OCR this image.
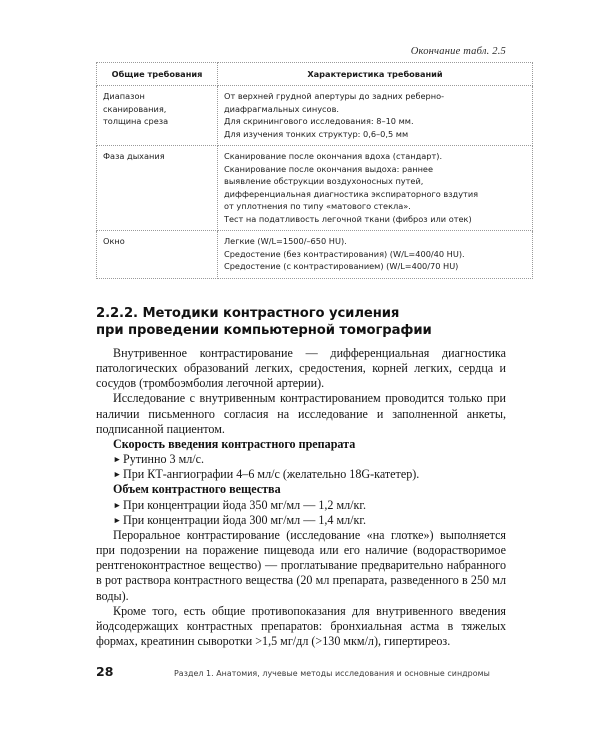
Окончание табл. 2.5
Общие требования	Характеристика требований

Диапазон
сканирования,
толщина среза	От верхней грудной апертуры до задних реберно-
диафрагмальных синусов.
Для скринингового исследования: 8–10 мм.
Для изучения тонких структур: 0,6–0,5 мм

Фаза дыхания	Сканирование после окончания вдоха (стандарт).
Сканирование после окончания выдоха: раннее
выявление обструкции воздухоносных путей,
дифференциальная диагностика экспираторного вздутия
от уплотнения по типу «матового стекла».
Тест на податливость легочной ткани (фиброз или отек)

Окно	Легкие (W/L=1500/–650 HU).
Средостение (без контрастирования) (W/L=400/40 HU).
Средостение (с контрастированием) (W/L=400/70 HU)
2.2.2. Методики контрастного усиления
при проведении компьютерной томографии

Внутривенное контрастирование — дифференциальная диагностика патологических образований легких, средостения, корней легких, сердца и сосудов (тромбоэмболия легочной артерии).

Исследование с внутривенным контрастированием проводится только при наличии письменного согласия на исследование и заполненной анкеты, подписанной пациентом.

Скорость введения контрастного препарата

► Рутинно 3 мл/с.
► При КТ-ангиографии 4–6 мл/с (желательно 18G-катетер).

Объем контрастного вещества

► При концентрации йода 350 мг/мл — 1,2 мл/кг.
► При концентрации йода 300 мг/мл — 1,4 мл/кг.

Пероральное контрастирование (исследование «на глотке») выполняется при подозрении на поражение пищевода или его наличие (водорастворимое рентгеноконтрастное вещество) — проглатывание предварительно набранного в рот раствора контрастного вещества (20 мл препарата, разведенного в 250 мл воды).

Кроме того, есть общие противопоказания для внутривенного введения йодсодержащих контрастных препаратов: бронхиальная астма в тяжелых формах, креатинин сыворотки >1,5 мг/дл (>130 мкм/л), гипертиреоз.

28	Раздел 1. Анатомия, лучевые методы исследования и основные синдромы
